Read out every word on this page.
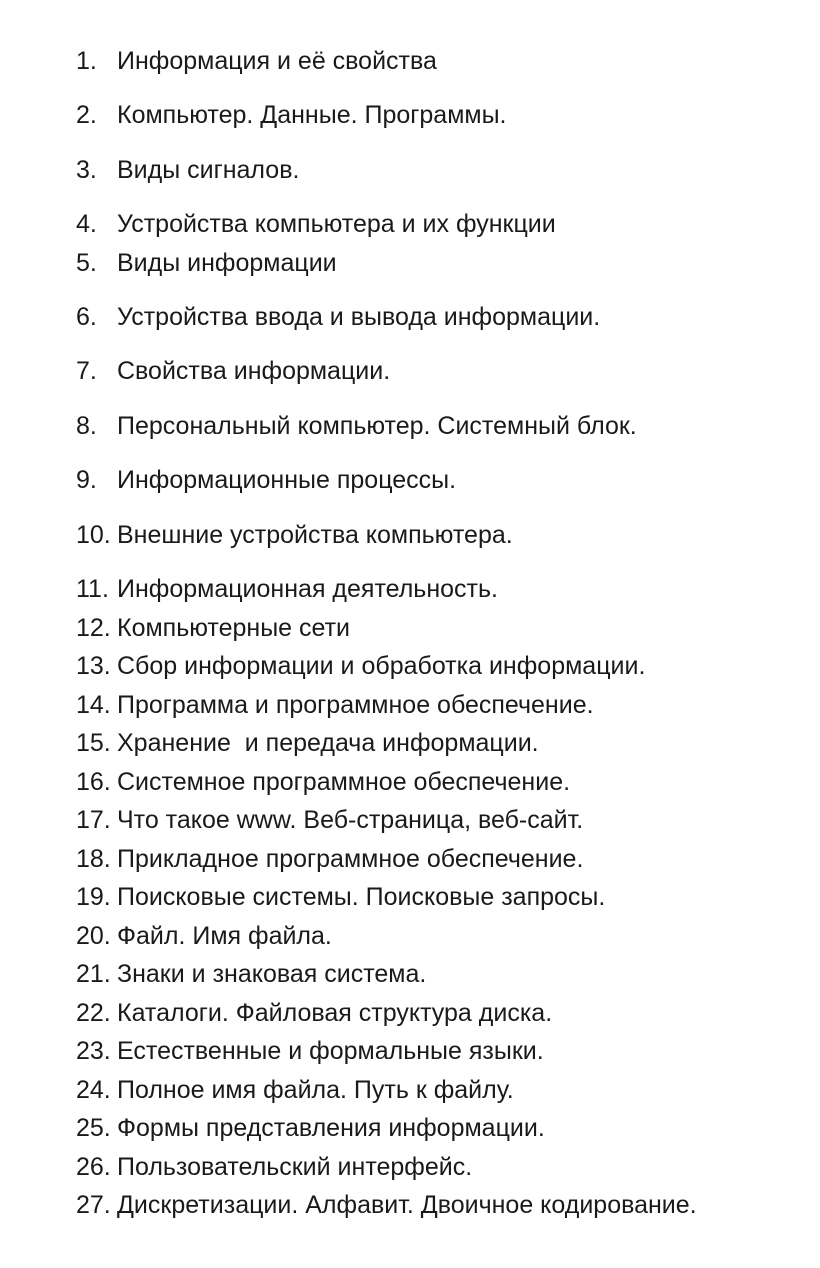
1. Информация и её свойства
2. Компьютер. Данные. Программы.
3. Виды сигналов.
4. Устройства компьютера и их функции
5. Виды информации
6. Устройства ввода и вывода информации.
7. Свойства информации.
8. Персональный компьютер. Системный блок.
9. Информационные процессы.
10. Внешние устройства компьютера.
11. Информационная деятельность.
12. Компьютерные сети
13. Сбор информации и обработка информации.
14. Программа и программное обеспечение.
15. Хранение  и передача информации.
16. Системное программное обеспечение.
17. Что такое www. Веб-страница, веб-сайт.
18. Прикладное программное обеспечение.
19. Поисковые системы. Поисковые запросы.
20. Файл. Имя файла.
21. Знаки и знаковая система.
22. Каталоги. Файловая структура диска.
23. Естественные и формальные языки.
24. Полное имя файла. Путь к файлу.
25. Формы представления информации.
26. Пользовательский интерфейс.
27. Дискретизации. Алфавит. Двоичное кодирование.
